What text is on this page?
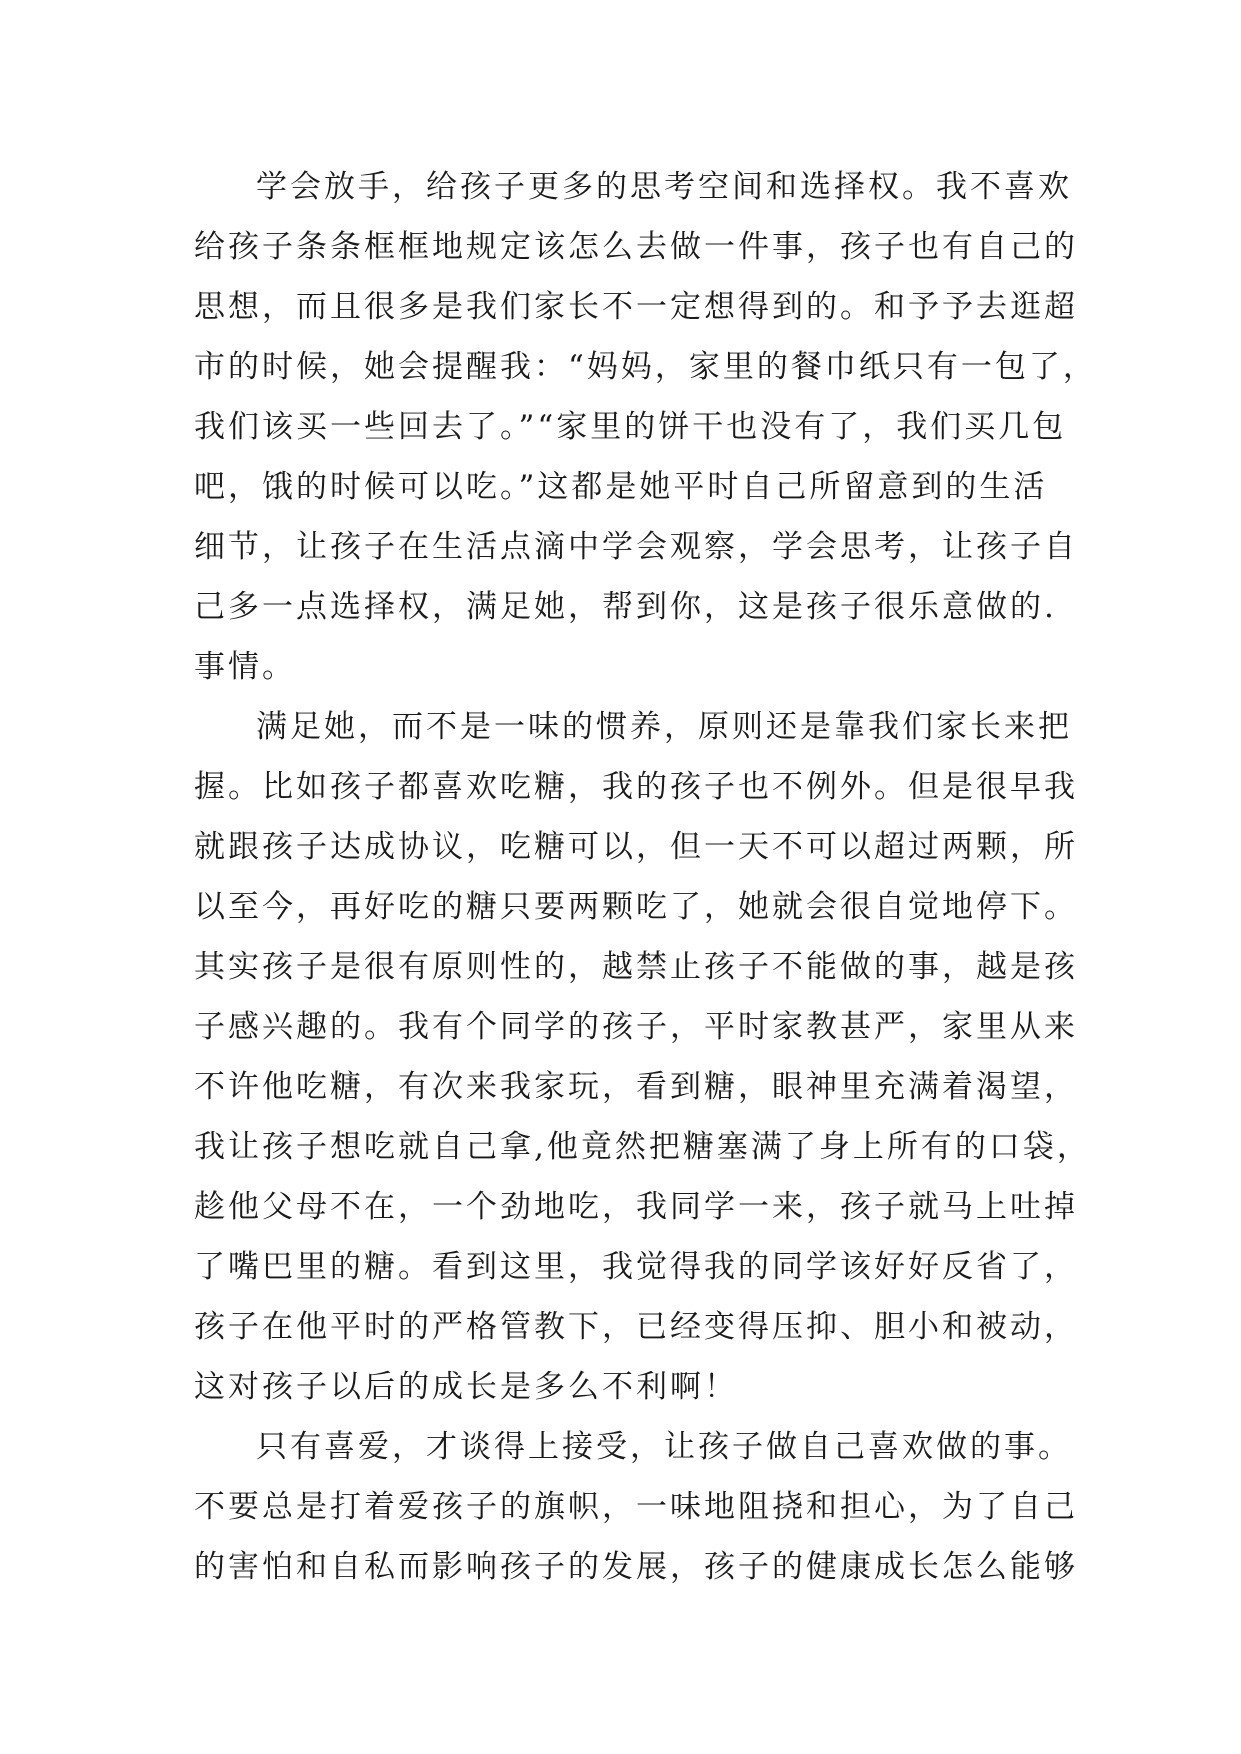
学会放手，给孩子更多的思考空间和选择权。我不喜欢
给孩子条条框框地规定该怎么去做一件事，孩子也有自己的
思想，而且很多是我们家长不一定想得到的。和予予去逛超
市的时候，她会提醒我：“妈妈，家里的餐巾纸只有一包了，
我们该买一些回去了。”“家里的饼干也没有了，我们买几包
吧，饿的时候可以吃。”这都是她平时自己所留意到的生活
细节，让孩子在生活点滴中学会观察，学会思考，让孩子自
己多一点选择权，满足她，帮到你，这是孩子很乐意做的.
事情。
满足她，而不是一味的惯养，原则还是靠我们家长来把
握。比如孩子都喜欢吃糖，我的孩子也不例外。但是很早我
就跟孩子达成协议，吃糖可以，但一天不可以超过两颗，所
以至今，再好吃的糖只要两颗吃了，她就会很自觉地停下。
其实孩子是很有原则性的，越禁止孩子不能做的事，越是孩
子感兴趣的。我有个同学的孩子，平时家教甚严，家里从来
不许他吃糖，有次来我家玩，看到糖，眼神里充满着渴望，
我让孩子想吃就自己拿,他竟然把糖塞满了身上所有的口袋，
趁他父母不在，一个劲地吃，我同学一来，孩子就马上吐掉
了嘴巴里的糖。看到这里，我觉得我的同学该好好反省了，
孩子在他平时的严格管教下，已经变得压抑、胆小和被动，
这对孩子以后的成长是多么不利啊！
只有喜爱，才谈得上接受，让孩子做自己喜欢做的事。
不要总是打着爱孩子的旗帜，一味地阻挠和担心，为了自己
的害怕和自私而影响孩子的发展，孩子的健康成长怎么能够
